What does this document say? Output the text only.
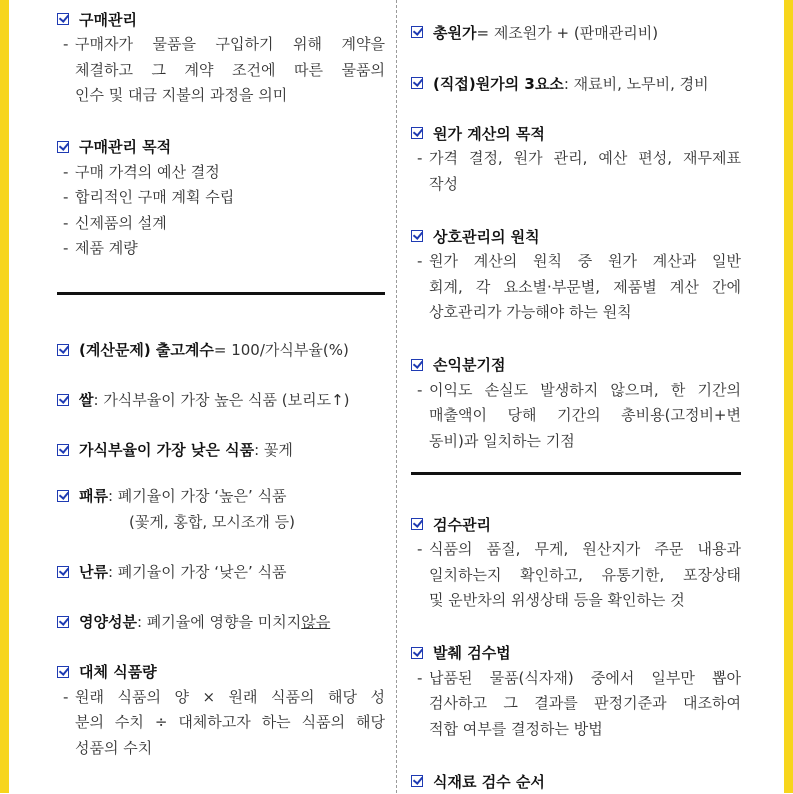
구매관리
- 구매자가 물품을 구입하기 위해 계약을
체결하고 그 계약 조건에 따른 물품의
인수 및 대금 지불의 과정을 의미
구매관리 목적
- 구매 가격의 예산 결정
- 합리적인 구매 계획 수립
- 신제품의 설계
- 제품 계량
(계산문제) 출고계수 = 100/가식부율(%)
쌀 : 가식부율이 가장 높은 식품 (보리도↑)
가식부율이 가장 낮은 식품 : 꽃게
패류 : 폐기율이 가장 ‘높은’ 식품
(꽃게, 홍합, 모시조개 등)
난류 : 폐기율이 가장 ‘낮은’ 식품
영양성분 : 폐기율에 영향을 미치지 않음
대체 식품량
- 원래 식품의 양 × 원래 식품의 해당 성
분의 수치 ÷ 대체하고자 하는 식품의 해당
성품의 수치
총원가 = 제조원가 + (판매관리비)
(직접)원가의 3요소 : 재료비, 노무비, 경비
원가 계산의 목적
- 가격 결정, 원가 관리, 예산 편성, 재무제표
작성
상호관리의 원칙
- 원가 계산의 원칙 중 원가 계산과 일반
회계, 각 요소별·부문별, 제품별 계산 간에
상호관리가 가능해야 하는 원칙
손익분기점
- 이익도 손실도 발생하지 않으며, 한 기간의
매출액이 당해 기간의 총비용(고정비+변
동비)과 일치하는 기점
검수관리
- 식품의 품질, 무게, 원산지가 주문 내용과
일치하는지 확인하고, 유통기한, 포장상태
및 운반차의 위생상태 등을 확인하는 것
발췌 검수법
- 납품된 물품(식자재) 중에서 일부만 뽑아
검사하고 그 결과를 판정기준과 대조하여
적합 여부를 결정하는 방법
식재료 검수 순서
